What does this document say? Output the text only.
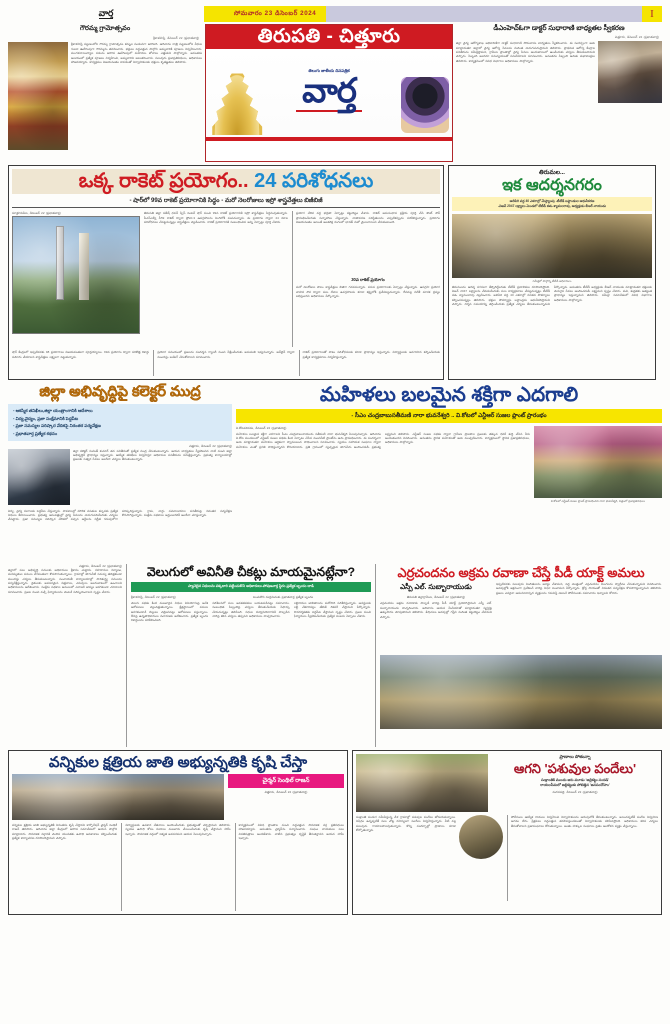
వార్త	సోమవారం 23 డిసెంబర్ 2024	I
గౌరమ్మ గ్రామోత్సవం
శ్రీకాళహస్తి, డిసెంబర్ 22 (ప్రభాతవార్త)
శ్రీకాళహస్తి పట్టణంలోని గౌరమ్మ గ్రామోత్సవం కన్నుల పండువగా జరిగింది. ఆదివారం రాత్రి పట్టణంలోని వీధుల గుండా ఊరేగింపుగా గౌరమ్మను తరలించారు. భక్తులు పెద్దఎత్తున పాల్గొని అమ్మవారికి పూజలు నిర్వహించారు. మంగళవాయిద్యాల నడుమ జరిగిన ఊరేగింపులో మహిళలు బోనాలు ఎత్తుకుని పాల్గొన్నారు. అనంతరం ఆలయంలో ప్రత్యేక పూజలు నిర్వహించి, అమ్మవారిని అలంకరించారు. పలువురు ప్రజాప్రతినిధులు, అధికారులు హాజరయ్యారు. కార్యక్రమం విజయవంతం కావడంతో నిర్వాహకులకు భక్తులు కృతజ్ఞతలు తెలిపారు.
తిరుపతి - చిత్తూరు
తెలుగు జాతీయ దినపత్రిక
వార్త
డీఎంహెచ్ఓగా డాక్టర్ సుధారాణి బాధ్యతల స్వీకరణ
చిత్తూరు, డిసెంబర్ 22 (ప్రభాతవార్త)
జిల్లా వైద్య ఆరోగ్యశాఖ అధికారిణిగా డాక్టర్ సుధారాణి సోమవారం బాధ్యతలు స్వీకరించారు. ఈ సందర్భంగా ఆమె మాట్లాడుతూ జిల్లాలో వైద్య ఆరోగ్య సేవలను మరింత మెరుగుపరుస్తామని తెలిపారు. ప్రాథమిక ఆరోగ్య కేంద్రాల పనితీరును సమీక్షిస్తామని, గ్రామీణ ప్రాంతాల్లో వైద్య సేవలు అందుబాటులో ఉంచేందుకు చర్యలు తీసుకుంటామని చెప్పారు. సిబ్బంది అందరూ సమన్వయంతో పనిచేయాలని సూచించారు. అనంతరం సిబ్బంది ఆమెకు శుభాకాంక్షలు తెలిపారు. కార్యక్రమంలో వివిధ విభాగాల అధికారులు పాల్గొన్నారు.
ఒక్క రాకెట్ ప్రయోగం.. 24 పరిశోధనలు
- షార్‌లో 99వ రాకెట్ ప్రయోగానికి సిద్ధం - మరో నెలరోజులు ఇస్రో శాస్త్రవేత్తలు బిజీబిజీ
సూళ్లూరుపేట, డిసెంబర్ 22 (ప్రభాతవార్త)	తిరుపతి జిల్లా సతీష్ ధవన్ స్పేస్ సెంటర్ షార్ నుంచి 99వ రాకెట్ ప్రయోగానికి ఇస్రో శాస్త్రవేత్తలు సిద్ధమవుతున్నారు. పీఎస్ఎల్వీ సీ59 రాకెట్ ద్వారా ప్రోబా-3 ఉపగ్రహాలను నింగిలోకి పంపనున్నారు. ఈ ప్రయోగం ద్వారా 24 రకాల పరిశోధనలు చేపట్టనున్నట్లు శాస్త్రవేత్తలు వెల్లడించారు. రాకెట్ ప్రయోగానికి సంబంధించిన అన్ని ఏర్పాట్లు పూర్తి చేశారు.
ప్రయోగ వేదిక వద్ద భద్రతా ఏర్పాట్లు కట్టుదిట్టం చేశారు. రాకెట్ అనుసంధాన ప్రక్రియ పూర్తి చేసి కౌంట్ డౌన్ ప్రారంభించేందుకు సన్నాహాలు చేస్తున్నారు. వాతావరణ పరిస్థితులను ఎప్పటికప్పుడు పరిశీలిస్తున్నారు. ప్రయోగం విజయవంతం అయితే అంతరిక్ష రంగంలో భారత్ మరో మైలురాయిని చేరుకుంటుంది.
30వ రాకెట్ ప్రయోగం
మరో నెలరోజుల పాటు శాస్త్రవేత్తలు బిజీగా గడపనున్నారు. వరుస ప్రయోగాలకు ఏర్పాట్లు చేస్తున్నారు. ఉపగ్రహ ప్రయోగ వాహక నౌక ద్వారా పలు దేశాల ఉపగ్రహాలను కూడా కక్ష్యలోకి ప్రవేశపెట్టనున్నారు. దీనివల్ల విదేశీ మారక ద్రవ్యం లభిస్తుందని అధికారులు పేర్కొన్నారు.
షార్ కేంద్రంలో ఇప్పటివరకు 98 ప్రయోగాలు విజయవంతంగా పూర్తయ్యాయి. 99వ ప్రయోగం ద్వారా సరికొత్త రికార్డు నమోదు చేయాలని శాస్త్రవేత్తలు లక్ష్యంగా పెట్టుకున్నారు.
ప్రయోగ సమయంలో ప్రజలను సందర్శన గ్యాలరీ నుంచి వీక్షించేందుకు అనుమతి ఇవ్వనున్నారు. ఆన్‌లైన్ ద్వారా ముందస్తు బుకింగ్ చేసుకోవాలని సూచించారు.
రాకెట్ ప్రయోగాలతో పాటు పరిశోధనలకు కూడా ప్రాధాన్యం ఇస్తున్నారు. విద్యార్థులకు అవగాహన కల్పించేందుకు ప్రత్యేక కార్యక్రమాలు నిర్వహిస్తున్నారు.
తిరుమల...
ఇక ఆదర్శనగరం
అలిపిరి వద్ద 40 ఎకరాల్లో మేస్త్యాంపు -టీటీడీ బస్టాండుల ఆధునీకరణ
-విజన్ 2047 లక్ష్యాలు మెండలో టీటీడీ ఈఓ శ్యామలరావు, అధ్యక్షుడు బీఆర్ నాయుడు
సమీక్షలో పాల్గొన్న టీటీడీ అధికారులు
తిరుమలను ఆదర్శ నగరంగా తీర్చిదిద్దేందుకు టీటీడీ ప్రణాళికలు రూపొందిస్తోంది. విజన్ 2047 లక్ష్యాలను చేరుకునేందుకు పలు కార్యక్రమాలు చేపట్టనున్నట్లు టీటీడీ ఈఓ శ్యామలరావు వెల్లడించారు. అలిపిరి వద్ద 40 ఎకరాల్లో నూతన సౌకర్యాలు కల్పించనున్నట్లు తెలిపారు. భక్తుల సౌకర్యార్థం బస్టాండ్లను ఆధునీకరిస్తామని చెప్పారు. దర్శన సమయాన్ని తగ్గించేందుకు ప్రత్యేక చర్యలు తీసుకుంటున్నామని పేర్కొన్నారు. అనంతరం టీటీడీ అధ్యక్షుడు బీఆర్ నాయుడు మాట్లాడుతూ భక్తులకు మెరుగైన సేవలు అందించడమే లక్ష్యమని స్పష్టం చేశారు. శుచి, శుభ్రతకు అత్యంత ప్రాధాన్యం ఇస్తున్నామని తెలిపారు. సమీక్షా సమావేశంలో వివిధ విభాగాల అధికారులు పాల్గొన్నారు.
జిల్లా అభివృద్ధిపై కలెక్టర్ ముద్ర
- ఆకస్మిక తనిఖీలు,జిల్లా యంత్రాంగానికి ఆదేశాలు
- విద్య,వైద్యం, ప్రజా సంక్షేమానికి పెద్దపీట
- ప్రజా సమస్యల పరిష్కార వేదికపై నిరంతర పర్యవేక్షణ
- ప్రభాతవార్త ప్రత్యేక కథనం
చిత్తూరు, డిసెంబర్ 22 (ప్రభాతవార్త)
జిల్లా కలెక్టర్ సుమిత్ కుమార్ తన పనితీరుతో ప్రత్యేక ముద్ర వేసుకుంటున్నారు. ఆయన బాధ్యతలు స్వీకరించిన నాటి నుంచి జిల్లా అభివృద్ధికి ప్రాధాన్యం ఇస్తున్నారు. ఆకస్మిక తనిఖీలు నిర్వహిస్తూ అధికారుల పనితీరును సమీక్షిస్తున్నారు. ప్రభుత్వ కార్యాలయాల్లో ప్రజలకు సత్వర సేవలు అందేలా చర్యలు తీసుకుంటున్నారు.
విద్య, వైద్య రంగాలకు పెద్దపీట వేస్తున్నారు. పాఠశాలల్లో మౌలిక వసతుల కల్పనకు ప్రత్యేక నిధులు కేటాయించారు. ప్రభుత్వ ఆసుపత్రుల్లో వైద్య సేవలను మెరుగుపరిచేందుకు చర్యలు చేపట్టారు. ప్రజా సమస్యల పరిష్కార వేదికలో వచ్చిన అర్జీలను నిర్ణీత గడువులోగా పరిష్కరిస్తున్నారు. గ్రామ, వార్డు సచివాలయాల పనితీరుపై నిరంతర పర్యవేక్షణ కొనసాగిస్తున్నారు. సంక్షేమ పథకాలు అర్హులందరికీ అందేలా చూస్తున్నారు.
మహిళలు బలమైన శక్తిగా ఎదగాలి
- సీఎం చంద్రబాబుసతీమణి నారా భువనేశ్వరి .. వి.కోటలో ఎన్టీఆర్ సుజల ప్లాంట్ ప్రారంభం
వి.కోటపరిసరం, డిసెంబర్ 22 (ప్రభాతవార్త)
మహిళలు బలమైన శక్తిగా ఎదగాలని సీఎం చంద్రబాబునాయుడు సతీమణి నారా భువనేశ్వరి పిలుపునిచ్చారు. ఆదివారం వి.కోట మండలంలో ఎన్టీఆర్ సుజల పథకం కింద ఏర్పాటు చేసిన మంచినీటి ప్లాంట్‌ను ఆమె ప్రారంభించారు. ఈ సందర్భంగా ఆమె మాట్లాడుతూ మహిళలు ఆర్థికంగా స్వావలంబన సాధించాలని సూచించారు. స్వయం సహాయక సంఘాల ద్వారా మహిళలు ఎంతో ప్రగతి సాధిస్తున్నారని కొనియాడారు. ప్రతి గ్రామంలో స్వచ్ఛమైన తాగునీరు అందించడమే ప్రభుత్వ లక్ష్యమని తెలిపారు. ఎన్టీఆర్ సుజల పథకం ద్వారా గ్రామీణ ప్రాంతాల ప్రజలకు తక్కువ ధరకే శుద్ధి చేసిన నీరు అందుతుందని వివరించారు. అనంతరం స్థానిక మహిళలతో ఆమె ముచ్చటించారు. కార్యక్రమంలో స్థానిక ప్రజాప్రతినిధులు, అధికారులు పాల్గొన్నారు.
వి.కోటలో ఎన్టీఆర్ సుజల ప్లాంట్ ప్రారంభించిన నారా భువనేశ్వరి, చిత్రంలో ప్రజాప్రతినిధులు
చిత్తూరు, డిసెంబర్ 22 (ప్రభాతవార్త)
జిల్లాలో పలు అభివృద్ధి పనులకు అధికారులు శ్రీకారం చుట్టారు. రహదారుల నిర్మాణం, మరమ్మతుల పనులు వేగవంతంగా కొనసాగుతున్నాయి. గ్రామాల్లో తాగునీటి సమస్య తలెత్తకుండా ముందస్తు చర్యలు తీసుకుంటున్నారు. పంచాయతీ కార్యాలయాల్లో పారిశుద్ధ్య పనులను పర్యవేక్షిస్తున్నారు. రైతులకు అవసరమైన విత్తనాలు, ఎరువులు అందుబాటులో ఉంచాలని అధికారులను ఆదేశించారు. సంక్షేమ పథకాల అమలులో ఎలాంటి జాప్యం జరగకుండా చూడాలని సూచించారు. ప్రజల నుంచి వచ్చే ఫిర్యాదులను వెంటనే పరిష్కరించాలని స్పష్టం చేశారు.
వెలుగులో అవినీతి చీకట్లు మాయమైనట్లేనా?
ప్యానెలైన నిధులను పక్కదారి పట్టించుకొని అధికారులు-పోషణవార్త స్థిరం ప్రత్యేక బృందం దాడి
శ్రీకాళహస్తి, డిసెంబర్ 22 (ప్రభాతవార్త)	పెంచుకొని రంధ్రమినుకు ప్రభాతవార్త ప్రత్యేక బృందం
వెలుగు పథకం కింద మంజూరైన నిధుల వినియోగంపై అనేక ఆరోపణలు వెల్లువెత్తుతున్నాయి. క్షేత్రస్థాయిలో పనులు జరగకుండానే బిల్లులు చెల్లించినట్లు ఆరోపణలు వస్తున్నాయి. దీనిపై ఉన్నతాధికారులు విచారణకు ఆదేశించారు. ప్రత్యేక బృందం రికార్డులను పరిశీలించింది.
పరిశీలనలో పలు అవకతవకలు బయటపడినట్లు సమాచారం. సంబంధిత సిబ్బందిపై చర్యలు తీసుకునేందుకు సిఫార్సు చేయనున్నట్లు తెలిసింది. నిధుల దుర్వినియోగానికి పాల్పడిన వారిపై కఠిన చర్యలు తప్పవని అధికారులు హెచ్చరించారు.
లబ్ధిదారుల జాబితాలను మరోసారి పరిశీలిస్తున్నారు. అనర్హులకు లబ్ధి చేకూరినట్లు తేలితే రికవరీ చేస్తామని పేర్కొన్నారు. పారదర్శకతకు పెద్దపీట వేస్తామని స్పష్టం చేశారు. ప్రజల నుంచి ఫిర్యాదులు స్వీకరించేందుకు ప్రత్యేక నంబరు ఏర్పాటు చేశారు.
ఎర్రచందనం అక్రమ రవాణా చేస్తే పీడీ యాక్ట్ అమలు
ఎస్పీ ఎల్. సుబ్బారాయుడు
తిరుపతి జిల్లాగ్రామీణ, డిసెంబర్ 22 (ప్రభాతవార్త)
ఎర్రచందనం అక్రమ రవాణాకు పాల్పడే వారిపై పీడీ యాక్ట్ ప్రయోగిస్తామని ఎస్పీ ఎల్. సుబ్బారాయుడు హెచ్చరించారు. ఆదివారం ఆయన మీడియాతో మాట్లాడుతూ స్మగ్లర్లపై ఉక్కుపాదం మోపుతామని తెలిపారు. శేషాచలం అడవుల్లో గస్తీని మరింత కట్టుదిట్టం చేశామని చెప్పారు.
ఇప్పటివరకు పలువురు నిందితులను అరెస్టు చేశామని, పెద్ద మొత్తంలో ఎర్రచందనం దుంగలను స్వాధీనం చేసుకున్నామని వివరించారు. అడవుల్లోకి అక్రమంగా ప్రవేశించే వారిపై నిఘా పెంచామని పేర్కొన్నారు. డ్రోన్ల సాయంతో నిరంతర పర్యవేక్షణ కొనసాగిస్తున్నామని తెలిపారు. ప్రజలు ఎవరైనా అనుమానాస్పద వ్యక్తులను గమనిస్తే వెంటనే పోలీసులకు సమాచారం ఇవ్వాలని కోరారు.
వన్నికుల క్షత్రియ జాతి అభ్యున్నతికి కృషి చేస్తా
చైర్మన్ సెంథిల్ రాజన్
చిత్తూరు, డిసెంబర్ 22 (ప్రభాతవార్త)
వన్నికుల క్షత్రియ జాతి అభ్యున్నతికి నిరంతరం కృషి చేస్తానని కార్పొరేషన్ చైర్మన్ సెంథిల్ రాజన్ తెలిపారు. ఆదివారం జిల్లా కేంద్రంలో జరిగిన సమావేశంలో ఆయన పాల్గొని మాట్లాడారు. సామాజిక వర్గానికి చెందిన యువతకు ఉపాధి అవకాశాలు కల్పించేందుకు ప్రత్యేక కార్యాచరణ రూపొందిస్తామని చెప్పారు.
విద్యార్థులకు ఉపకార వేతనాలు అందించేందుకు ప్రభుత్వంతో చర్చిస్తామని తెలిపారు. స్వయం ఉపాధి కోసం రుణాలు మంజూరు చేయించేందుకు కృషి చేస్తామని హామీ ఇచ్చారు. సామాజిక వర్గంలో ఐక్యత అవసరమని ఆయన పిలుపునిచ్చారు.
కార్యక్రమంలో వివిధ ప్రాంతాల నుంచి పెద్దఎత్తున సామాజిక వర్గ ప్రతినిధులు హాజరయ్యారు. అనంతరం చైర్మన్‌ను సన్మానించారు. సంఘం నాయకులు పలు వినతిపత్రాలు అందజేశారు. వాటిని ప్రభుత్వం దృష్టికి తీసుకెళ్తానని ఆయన హామీ ఇచ్చారు.
ప్రాణాలు పోతున్నా
ఆగని 'పశువుల పందేలు'
సంక్రాంతికి ముందు జరు మూడు 'జల్లికట్టు సందడి'
రాయలసీమలో జల్లికట్టుకు పోటెత్తిన 'జనసందోహం'
మదనపల్లె, డిసెంబర్ 22 (ప్రభాతవార్త)
సంక్రాంతి పండుగ సమీపిస్తున్న వేళ గ్రామాల్లో పశువుల పందేలు జోరందుకున్నాయి. నిషేధం ఉన్నప్పటికీ పలు చోట్ల రహస్యంగా పందేలు నిర్వహిస్తున్నారు. వీటి వల్ల పలువురు గాయాలపాలవుతున్నారు. కొన్ని సందర్భాల్లో ప్రాణాలు కూడా కోల్పోతున్నారు.
పోలీసులు ఆకస్మిక దాడులు నిర్వహించి నిర్వాహకులను అదుపులోకి తీసుకుంటున్నారు. అయినప్పటికీ పందేల నిర్వహణ ఆగడం లేదు. ప్రేక్షకులు పెద్దఎత్తున తరలివస్తుండటంతో నిర్వాహకులకు కలిసివస్తోంది. అధికారులు కఠిన చర్యలు తీసుకోవాలని ప్రజాసంఘాలు కోరుతున్నాయి. జంతు హక్కుల సంఘాలు సైతం ఆందోళన వ్యక్తం చేస్తున్నాయి.
